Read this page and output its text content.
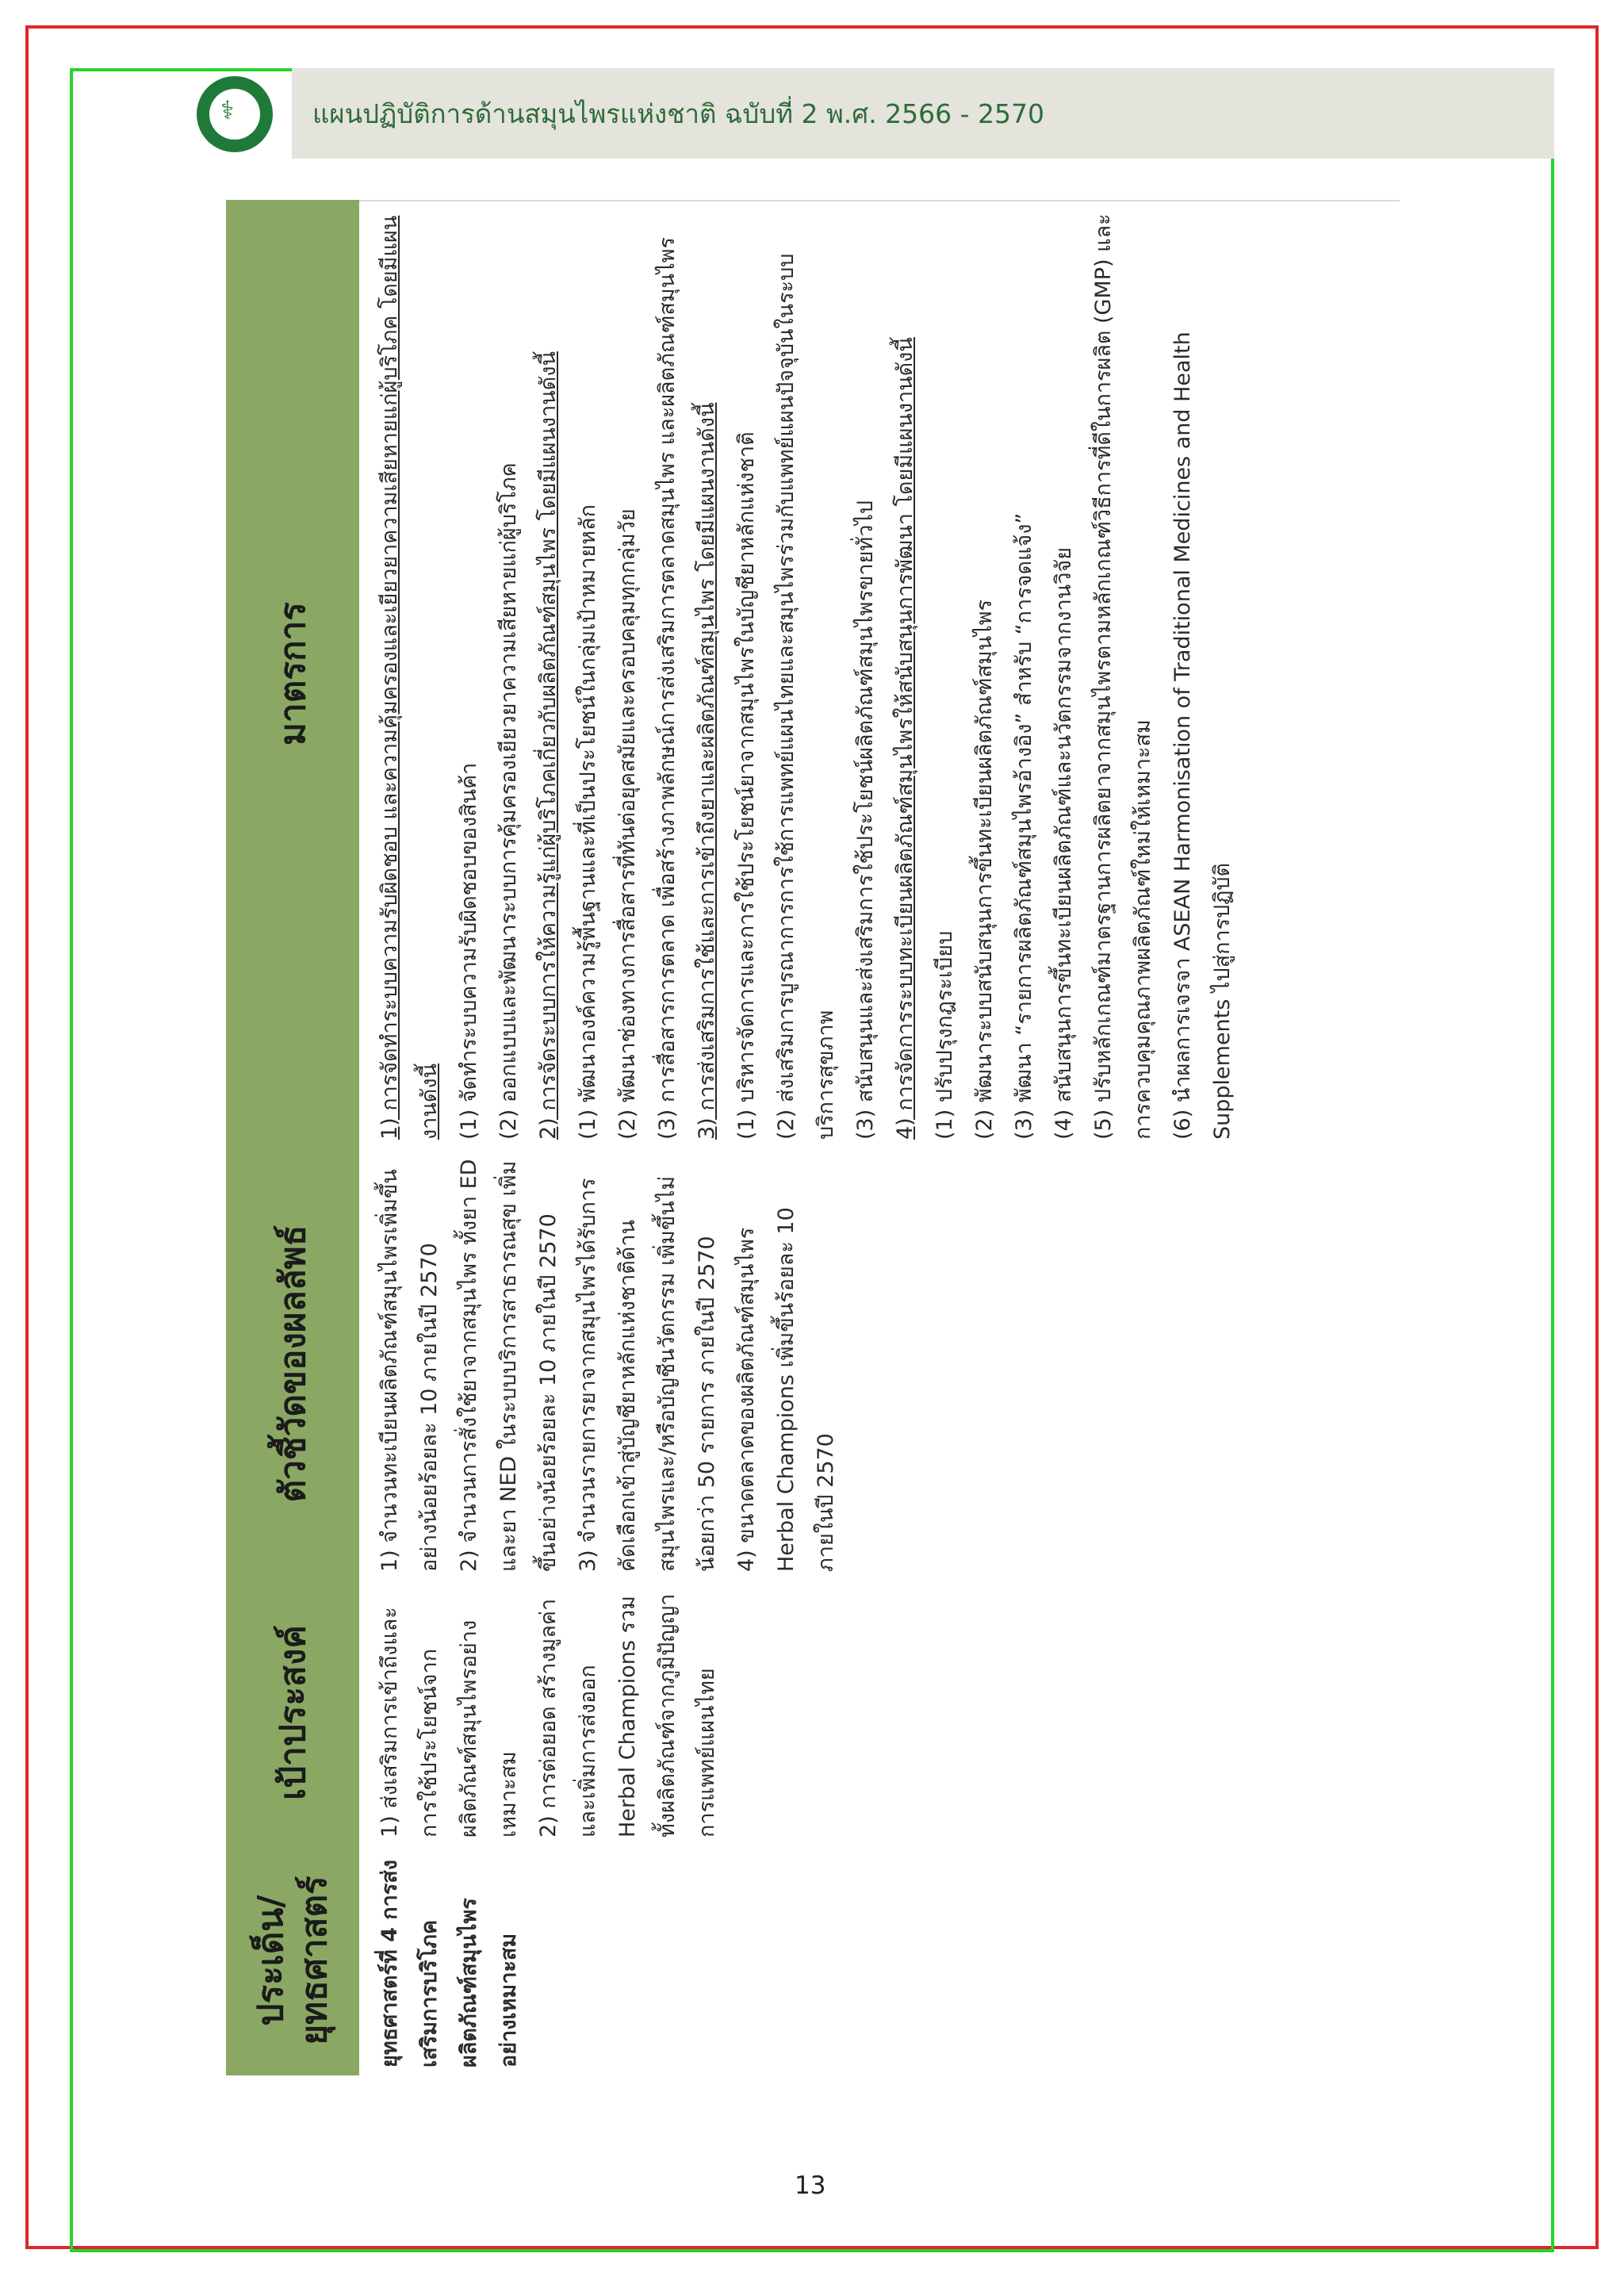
⚕	แผนปฏิบัติการด้านสมุนไพรแห่งชาติ ฉบับที่ 2 พ.ศ. 2566 - 2570
ประเด็น/ ยุทธศาสตร์
เป้าประสงค์
ตัวชี้วัดของผลลัพธ์
มาตรการ
ยุทธศาสตร์ที่ 4 การส่งเสริมการบริโภคผลิตภัณฑ์สมุนไพรอย่างเหมาะสม
1) ส่งเสริมการเข้าถึงและการใช้ประโยชน์จากผลิตภัณฑ์สมุนไพรอย่างเหมาะสม 2) การต่อยอด สร้างมูลค่า และเพิ่มการส่งออก Herbal Champions รวมทั้งผลิตภัณฑ์จากภูมิปัญญาการแพทย์แผนไทย
1) จำนวนทะเบียนผลิตภัณฑ์สมุนไพรเพิ่มขึ้นอย่างน้อยร้อยละ 10 ภายในปี 2570 2) จำนวนการสั่งใช้ยาจากสมุนไพร ทั้งยา ED และยา NED ในระบบบริการสาธารณสุข เพิ่มขึ้นอย่างน้อยร้อยละ 10 ภายในปี 2570 3) จำนวนรายการยาจากสมุนไพรได้รับการคัดเลือกเข้าสู่บัญชียาหลักแห่งชาติด้านสมุนไพรและ/หรือบัญชีนวัตกรรม เพิ่มขึ้นไม่น้อยกว่า 50 รายการ ภายในปี 2570 4) ขนาดตลาดของผลิตภัณฑ์สมุนไพร Herbal Champions เพิ่มขึ้นร้อยละ 10 ภายในปี 2570
1) การจัดทำระบบความรับผิดชอบ และความคุ้มครองและเยียวยาความเสียหายแก่ผู้บริโภค โดยมีแผนงานดังนี้ (1) จัดทำระบบความรับผิดชอบของสินค้า (2) ออกแบบและพัฒนาระบบการคุ้มครองเยียวยาความเสียหายแก่ผู้บริโภค 2) การจัดระบบการให้ความรู้แก่ผู้บริโภคเกี่ยวกับผลิตภัณฑ์สมุนไพร โดยมีแผนงานดังนี้ (1) พัฒนาองค์ความรู้พื้นฐานและที่เป็นประโยชน์ในกลุ่มเป้าหมายหลัก (2) พัฒนาช่องทางการสื่อสารที่ทันต่อยุคสมัยและครอบคลุมทุกกลุ่มวัย (3) การสื่อสารการตลาด เพื่อสร้างภาพลักษณ์การส่งเสริมการตลาดสมุนไพร และผลิตภัณฑ์สมุนไพร 3) การส่งเสริมการใช้และการเข้าถึงยาและผลิตภัณฑ์สมุนไพร โดยมีแผนงานดังนี้ (1) บริหารจัดการและการใช้ประโยชน์ยาจากสมุนไพรในบัญชียาหลักแห่งชาติ (2) ส่งเสริมการบูรณาการการใช้การแพทย์แผนไทยและสมุนไพรร่วมกับแพทย์แผนปัจจุบันในระบบบริการสุขภาพ (3) สนับสนุนและส่งเสริมการใช้ประโยชน์ผลิตภัณฑ์สมุนไพรขายทั่วไป 4) การจัดการระบบทะเบียนผลิตภัณฑ์สมุนไพรให้สนับสนุนการพัฒนา โดยมีแผนงานดังนี้ (1) ปรับปรุงกฎระเบียบ (2) พัฒนาระบบสนับสนุนการขึ้นทะเบียนผลิตภัณฑ์สมุนไพร (3) พัฒนา “รายการผลิตภัณฑ์สมุนไพรอ้างอิง” สำหรับ “การจดแจ้ง” (4) สนับสนุนการขึ้นทะเบียนผลิตภัณฑ์และนวัตกรรมจากงานวิจัย (5) ปรับหลักเกณฑ์มาตรฐานการผลิตยาจากสมุนไพรตามหลักเกณฑ์วิธีการที่ดีในการผลิต (GMP) และการควบคุมคุณภาพผลิตภัณฑ์ใหม่ให้เหมาะสม (6) นำผลการเจรจา ASEAN Harmonisation of Traditional Medicines and Health Supplements ไปสู่การปฏิบัติ
13
